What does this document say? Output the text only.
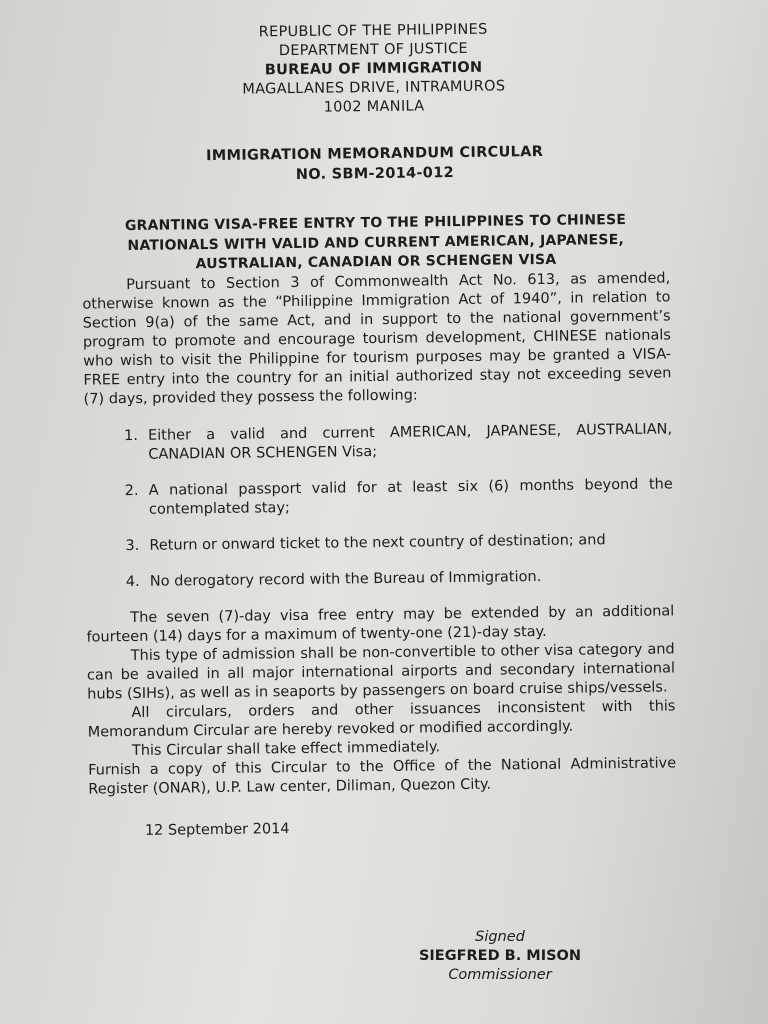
REPUBLIC OF THE PHILIPPINES
DEPARTMENT OF JUSTICE
BUREAU OF IMMIGRATION
MAGALLANES DRIVE, INTRAMUROS
1002 MANILA
IMMIGRATION MEMORANDUM CIRCULAR
NO. SBM-2014-012
GRANTING VISA-FREE ENTRY TO THE PHILIPPINES TO CHINESE NATIONALS WITH VALID AND CURRENT AMERICAN, JAPANESE, AUSTRALIAN, CANADIAN OR SCHENGEN VISA

Pursuant to Section 3 of Commonwealth Act No. 613, as amended, otherwise known as the “Philippine Immigration Act of 1940”, in relation to Section 9(a) of the same Act, and in support to the national government’s program to promote and encourage tourism development, CHINESE nationals who wish to visit the Philippine for tourism purposes may be granted a VISA-FREE entry into the country for an initial authorized stay not exceeding seven (7) days, provided they possess the following:

1. Either a valid and current AMERICAN, JAPANESE, AUSTRALIAN, CANADIAN OR SCHENGEN Visa;
2. A national passport valid for at least six (6) months beyond the contemplated stay;
3. Return or onward ticket to the next country of destination; and
4. No derogatory record with the Bureau of Immigration.

The seven (7)-day visa free entry may be extended by an additional fourteen (14) days for a maximum of twenty-one (21)-day stay.

This type of admission shall be non-convertible to other visa category and can be availed in all major international airports and secondary international hubs (SIHs), as well as in seaports by passengers on board cruise ships/vessels.

All circulars, orders and other issuances inconsistent with this Memorandum Circular are hereby revoked or modified accordingly.

This Circular shall take effect immediately.

Furnish a copy of this Circular to the Office of the National Administrative Register (ONAR), U.P. Law center, Diliman, Quezon City.

12 September 2014
Signed
SIEGFRED B. MISON
Commissioner
